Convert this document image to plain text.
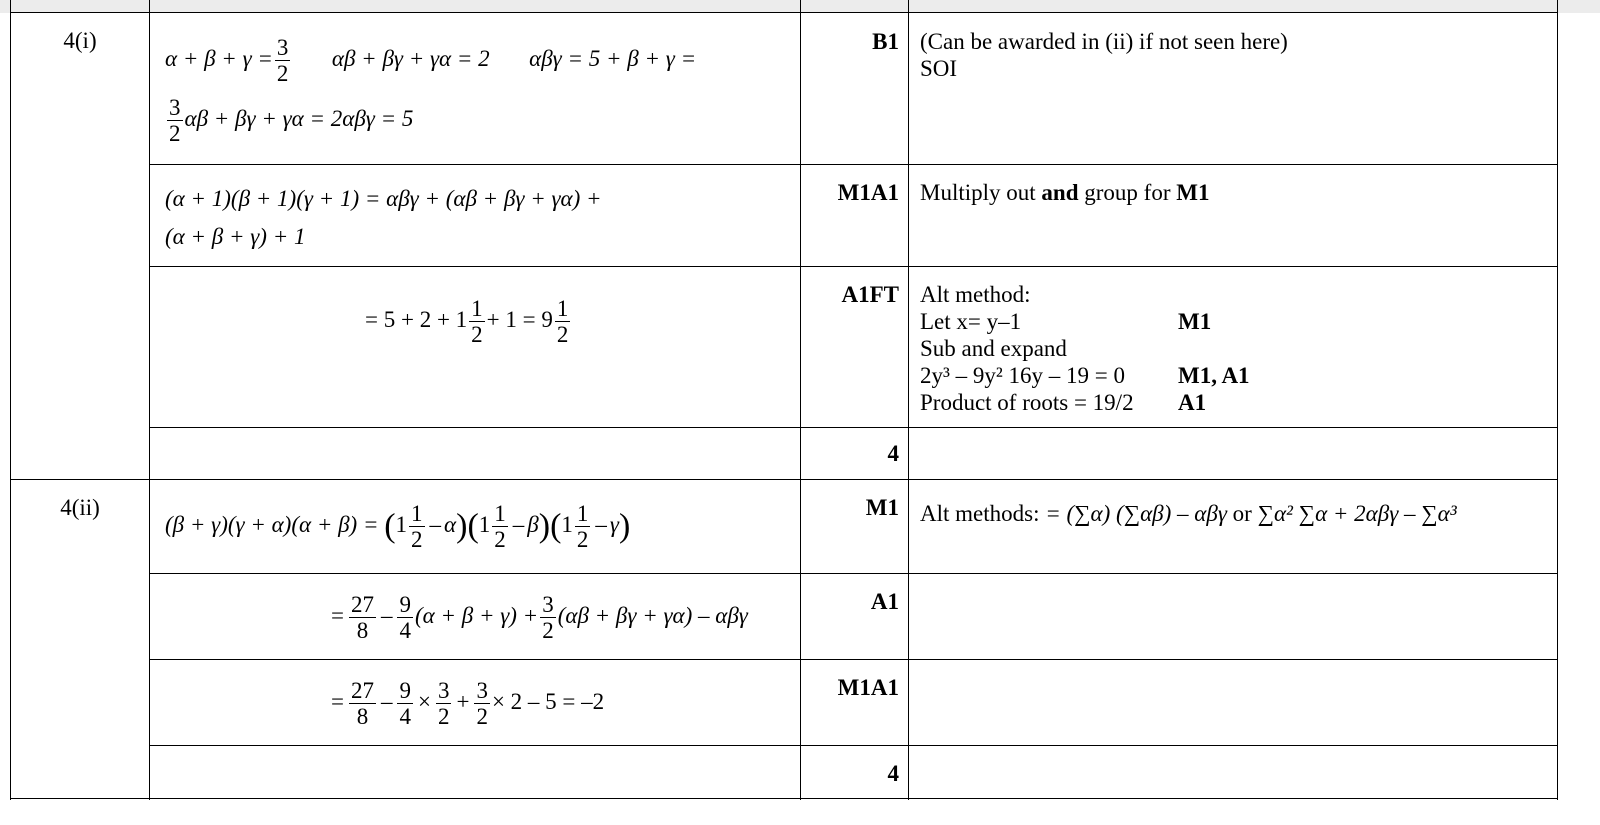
4(i)
$\alpha + \beta + \gamma = \frac{3}{2}$ αβ + βγ + γα = 2 αβγ = 5 + β + γ =
$\frac{3}{2}$ αβ + βγ + γα = 2αβγ = 5
B1 (Can be awarded in (ii) if not seen here)
SOI
(α + 1)(β + 1)(γ + 1) = αβγ + (αβ + βγ + γα) +
(α + β + γ) + 1
M1A1 Multiply out and group for M1
= $5 + 2 + 1 \frac{1}{2} + 1 = 9 \frac{1}{2}$
A1FT Alt method:
Let x= y–1	M1
Sub and expand
2y³ – 9y² 16y – 19 = 0 M1, A1
Product of roots = 19/2 A1
4
4(ii)
$(\beta + \gamma)(\gamma + \alpha)(\alpha + \beta) = (1 \frac{1}{2} - \alpha)(1 \frac{1}{2} - \beta)(1 \frac{1}{2} - \gamma)$
M1 Alt methods: = (∑α) (∑αβ) – αβγ or ∑α² ∑α + 2αβγ – ∑α³
= $\frac{27}{8} - \frac{9}{4} (\alpha + \beta + \gamma) + \frac{3}{2} (\alpha\beta + \beta\gamma + \gamma\alpha) - \alpha\beta\gamma$
A1
= $\frac{27}{8} - \frac{9}{4} \times \frac{3}{2} + \frac{3}{2} \times 2 - 5 = -2$
M1A1
4
